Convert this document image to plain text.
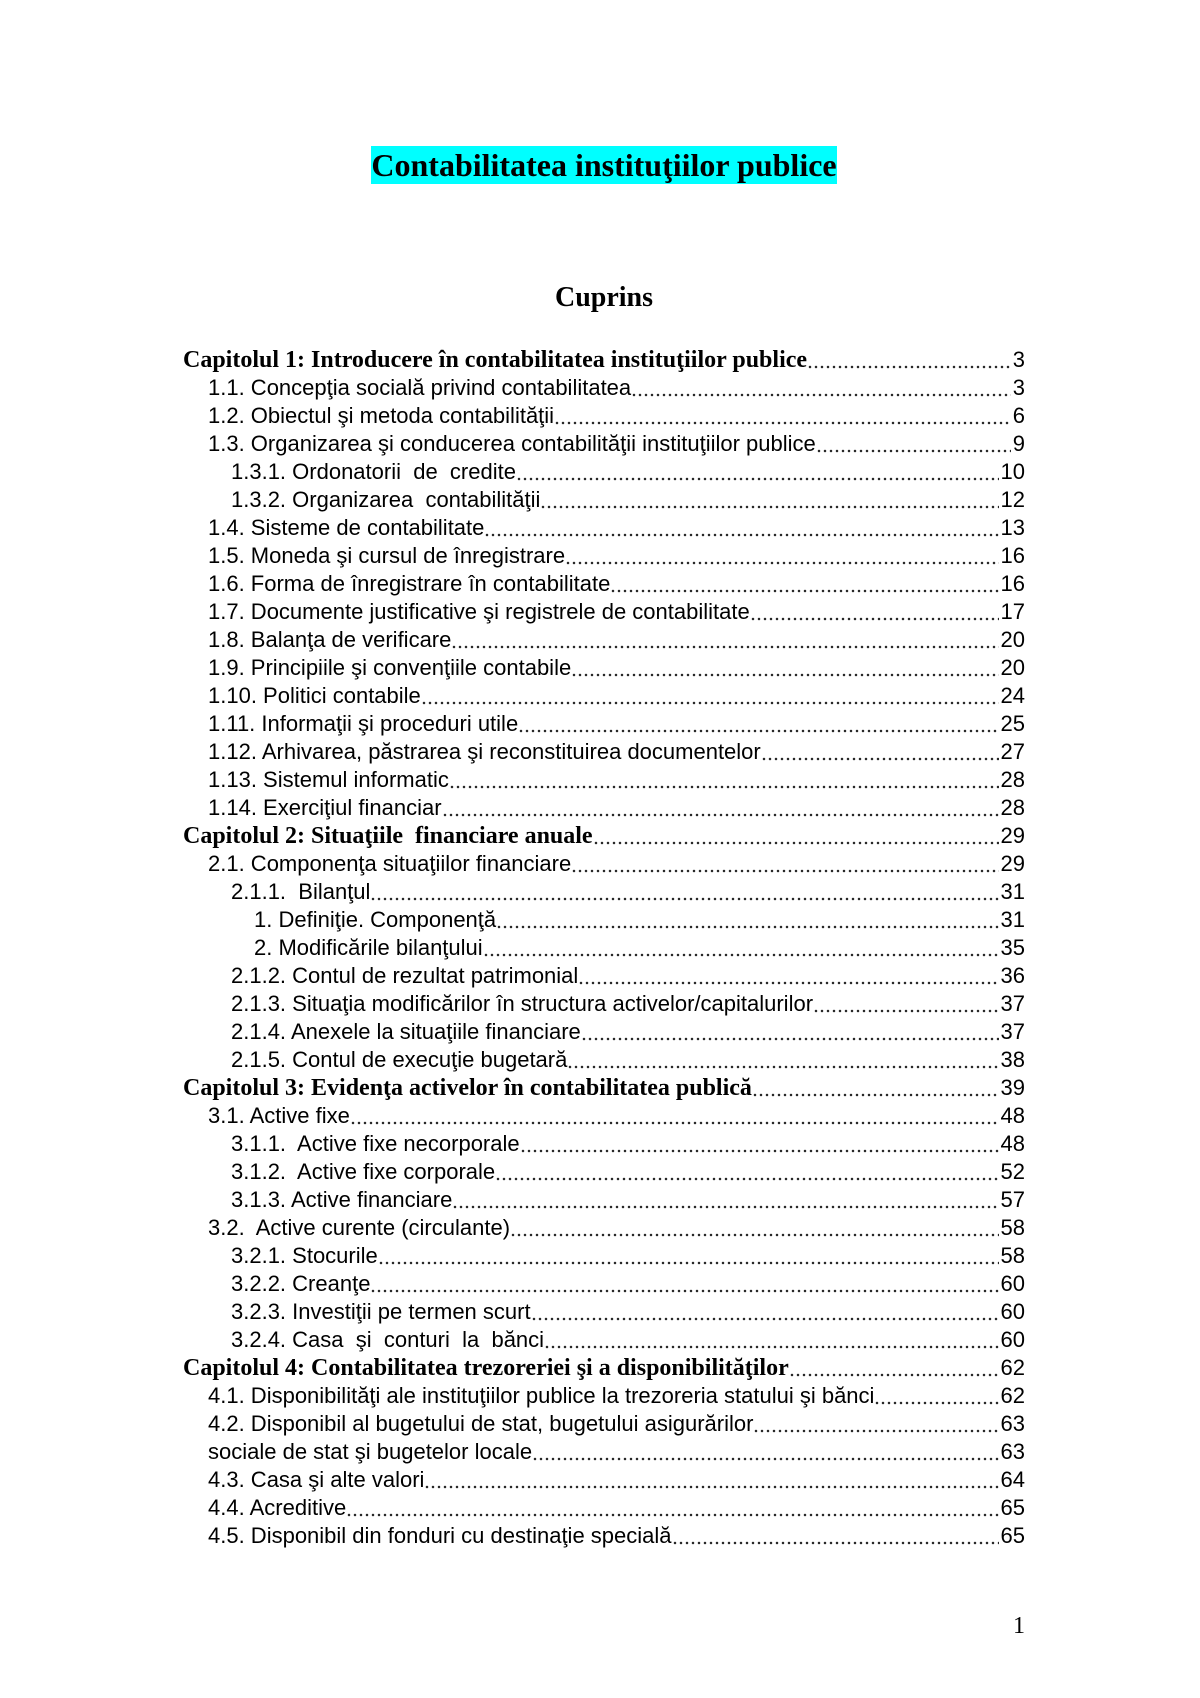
Contabilitatea instituţiilor publice
Cuprins
Capitolul 1: Introducere în contabilitatea instituţiilor publice	3
1.1. Concepţia socială privind contabilitatea	3
1.2. Obiectul şi metoda contabilităţii	6
1.3. Organizarea şi conducerea contabilităţii instituţiilor publice	9
1.3.1. Ordonatorii  de  credite	10
1.3.2. Organizarea  contabilităţii	12
1.4. Sisteme de contabilitate	13
1.5. Moneda şi cursul de înregistrare	16
1.6. Forma de înregistrare în contabilitate	16
1.7. Documente justificative şi registrele de contabilitate	17
1.8. Balanţa de verificare	20
1.9. Principiile şi convenţiile contabile	20
1.10. Politici contabile	24
1.11. Informaţii şi proceduri utile	25
1.12. Arhivarea, păstrarea şi reconstituirea documentelor	27
1.13. Sistemul informatic	28
1.14. Exerciţiul financiar	28
Capitolul 2: Situaţiile  financiare anuale	29
2.1. Componenţa situaţiilor financiare	29
2.1.1.  Bilanţul	31
1. Definiţie. Componenţă	31
2. Modificările bilanţului	35
2.1.2. Contul de rezultat patrimonial	36
2.1.3. Situaţia modificărilor în structura activelor/capitalurilor	37
2.1.4. Anexele la situaţiile financiare	37
2.1.5. Contul de execuţie bugetară	38
Capitolul 3: Evidenţa activelor în contabilitatea publică	39
3.1. Active fixe	48
3.1.1.  Active fixe necorporale	48
3.1.2.  Active fixe corporale	52
3.1.3. Active financiare	57
3.2.  Active curente (circulante)	58
3.2.1. Stocurile	58
3.2.2. Creanţe	60
3.2.3. Investiţii pe termen scurt	60
3.2.4. Casa  şi  conturi  la  bănci	60
Capitolul 4: Contabilitatea trezoreriei şi a disponibilităţilor	62
4.1. Disponibilităţi ale instituţiilor publice la trezoreria statului şi bănci	62
4.2. Disponibil al bugetului de stat, bugetului asigurărilor	63
sociale de stat şi bugetelor locale	63
4.3. Casa şi alte valori	64
4.4. Acreditive	65
4.5. Disponibil din fonduri cu destinaţie specială	65
1
